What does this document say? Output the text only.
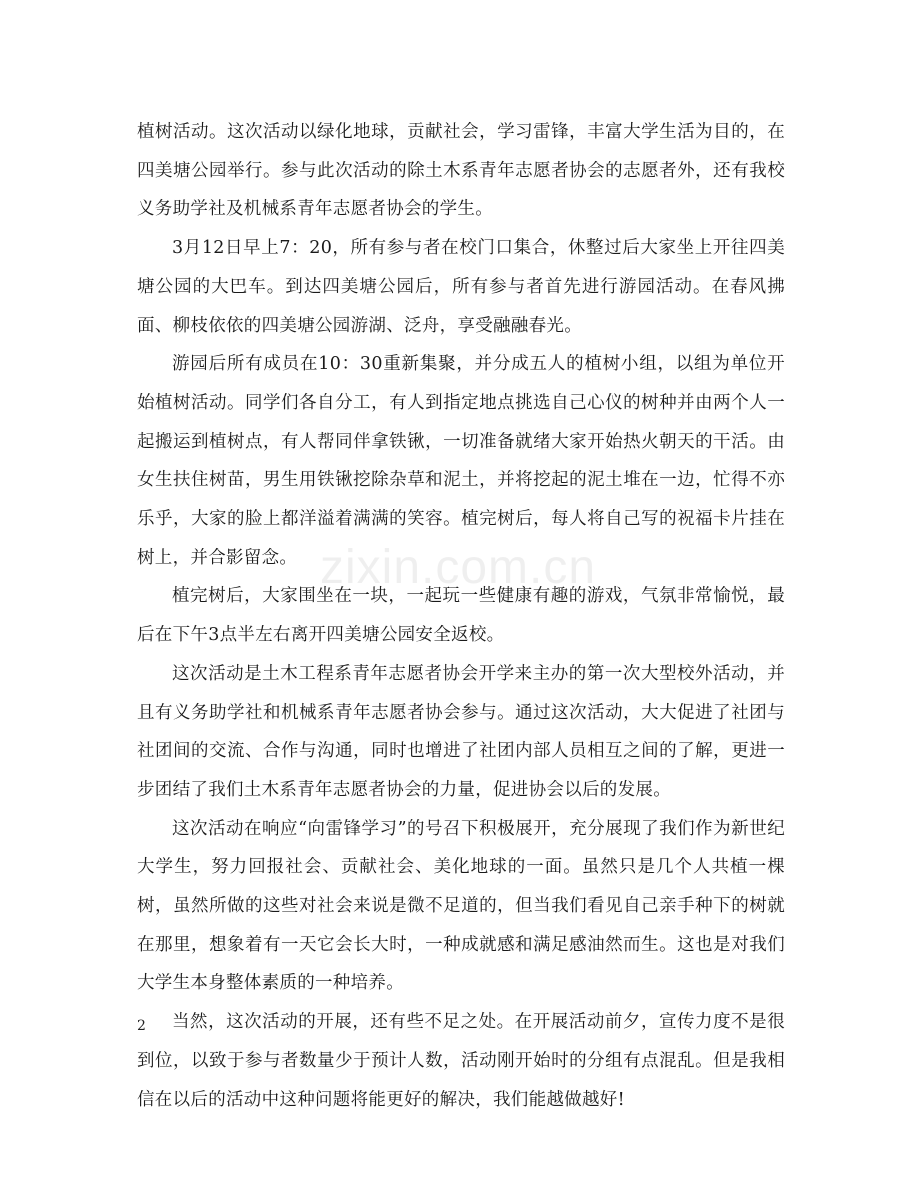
zixin.com.cn

植树活动。这次活动以绿化地球，贡献社会，学习雷锋，丰富大学生活为目的，在四美塘公园举行。参与此次活动的除土木系青年志愿者协会的志愿者外，还有我校义务助学社及机械系青年志愿者协会的学生。

3月12日早上7：20，所有参与者在校门口集合，休整过后大家坐上开往四美塘公园的大巴车。到达四美塘公园后，所有参与者首先进行游园活动。在春风拂面、柳枝依依的四美塘公园游湖、泛舟，享受融融春光。

游园后所有成员在10：30重新集聚，并分成五人的植树小组，以组为单位开始植树活动。同学们各自分工，有人到指定地点挑选自己心仪的树种并由两个人一起搬运到植树点，有人帮同伴拿铁锹，一切准备就绪大家开始热火朝天的干活。由女生扶住树苗，男生用铁锹挖除杂草和泥土，并将挖起的泥土堆在一边，忙得不亦乐乎，大家的脸上都洋溢着满满的笑容。植完树后，每人将自己写的祝福卡片挂在树上，并合影留念。

植完树后，大家围坐在一块，一起玩一些健康有趣的游戏，气氛非常愉悦，最后在下午3点半左右离开四美塘公园安全返校。

这次活动是土木工程系青年志愿者协会开学来主办的第一次大型校外活动，并且有义务助学社和机械系青年志愿者协会参与。通过这次活动，大大促进了社团与社团间的交流、合作与沟通，同时也增进了社团内部人员相互之间的了解，更进一步团结了我们土木系青年志愿者协会的力量，促进协会以后的发展。

这次活动在响应“向雷锋学习”的号召下积极展开，充分展现了我们作为新世纪大学生，努力回报社会、贡献社会、美化地球的一面。虽然只是几个人共植一棵树，虽然所做的这些对社会来说是微不足道的，但当我们看见自己亲手种下的树就在那里，想象着有一天它会长大时，一种成就感和满足感油然而生。这也是对我们大学生本身整体素质的一种培养。

当然，这次活动的开展，还有些不足之处。在开展活动前夕，宣传力度不是很到位，以致于参与者数量少于预计人数，活动刚开始时的分组有点混乱。但是我相信在以后的活动中这种问题将能更好的解决，我们能越做越好!

2
